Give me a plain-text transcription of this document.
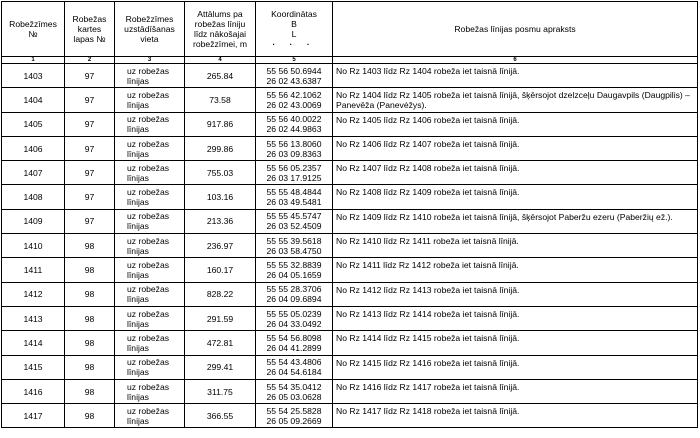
Robežzīmes
№	Robežas
kartes
lapas №	Robežzīmes
uzstādīšanas
vieta	Attālums pa
robežas līniju
līdz nākošajai
robežzīmei, m	Koordinātas
B
L
· · ·	Robežas līnijas posmu apraksts

1	2	3	4	5	6
1403	97	uz robežas
līnijas	265.84	55 56 50.6944
26 02 43.6387	No Rz 1403 līdz Rz 1404 robeža iet taisnā līnijā.
1404	97	uz robežas
līnijas	73.58	55 56 42.1062
26 02 43.0069	No Rz 1404 līdz Rz 1405 robeža iet taisnā līnijā, šķērsojot dzelzceļu Daugavpils (Daugpilis) – Panevēža (Panevėžys).
1405	97	uz robežas
līnijas	917.86	55 56 40.0022
26 02 44.9863	No Rz 1405 līdz Rz 1406 robeža iet taisnā līnijā.
1406	97	uz robežas
līnijas	299.86	55 56 13.8060
26 03 09.8363	No Rz 1406 līdz Rz 1407 robeža iet taisnā līnijā.
1407	97	uz robežas
līnijas	755.03	55 56 05.2357
26 03 17.9125	No Rz 1407 līdz Rz 1408 robeža iet taisnā līnijā.
1408	97	uz robežas
līnijas	103.16	55 55 48.4844
26 03 49.5481	No Rz 1408 līdz Rz 1409 robeža iet taisnā līnijā.
1409	97	uz robežas
līnijas	213.36	55 55 45.5747
26 03 52.4509	No Rz 1409 līdz Rz 1410 robeža iet taisnā līnijā, šķērsojot Paberžu ezeru (Paberžių ež.).
1410	98	uz robežas
līnijas	236.97	55 55 39.5618
26 03 58.4750	No Rz 1410 līdz Rz 1411 robeža iet taisnā līnijā.
1411	98	uz robežas
līnijas	160.17	55 55 32.8839
26 04 05.1659	No Rz 1411 līdz Rz 1412 robeža iet taisnā līnijā.
1412	98	uz robežas
līnijas	828.22	55 55 28.3706
26 04 09.6894	No Rz 1412 līdz Rz 1413 robeža iet taisnā līnijā.
1413	98	uz robežas
līnijas	291.59	55 55 05.0239
26 04 33.0492	No Rz 1413 līdz Rz 1414 robeža iet taisnā līnijā.
1414	98	uz robežas
līnijas	472.81	55 54 56.8098
26 04 41.2899	No Rz 1414 līdz Rz 1415 robeža iet taisnā līnijā.
1415	98	uz robežas
līnijas	299.41	55 54 43.4806
26 04 54.6184	No Rz 1415 līdz Rz 1416 robeža iet taisnā līnijā.
1416	98	uz robežas
līnijas	311.75	55 54 35.0412
26 05 03.0628	No Rz 1416 līdz Rz 1417 robeža iet taisnā līnijā.
1417	98	uz robežas
līnijas	366.55	55 54 25.5828
26 05 09.2669	No Rz 1417 līdz Rz 1418 robeža iet taisnā līnijā.
